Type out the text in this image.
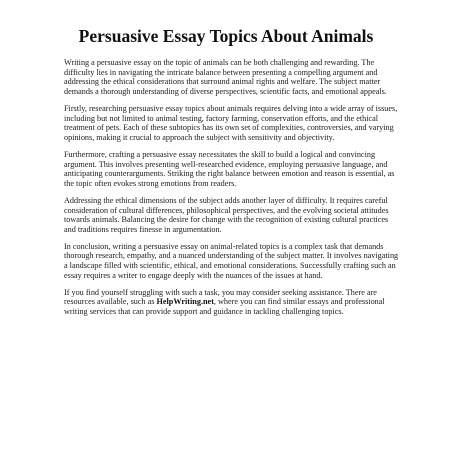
Persuasive Essay Topics About Animals

Writing a persuasive essay on the topic of animals can be both challenging and rewarding. The difficulty lies in navigating the intricate balance between presenting a compelling argument and addressing the ethical considerations that surround animal rights and welfare. The subject matter demands a thorough understanding of diverse perspectives, scientific facts, and emotional appeals.

Firstly, researching persuasive essay topics about animals requires delving into a wide array of issues, including but not limited to animal testing, factory farming, conservation efforts, and the ethical treatment of pets. Each of these subtopics has its own set of complexities, controversies, and varying opinions, making it crucial to approach the subject with sensitivity and objectivity.

Furthermore, crafting a persuasive essay necessitates the skill to build a logical and convincing argument. This involves presenting well-researched evidence, employing persuasive language, and anticipating counterarguments. Striking the right balance between emotion and reason is essential, as the topic often evokes strong emotions from readers.

Addressing the ethical dimensions of the subject adds another layer of difficulty. It requires careful consideration of cultural differences, philosophical perspectives, and the evolving societal attitudes towards animals. Balancing the desire for change with the recognition of existing cultural practices and traditions requires finesse in argumentation.

In conclusion, writing a persuasive essay on animal-related topics is a complex task that demands thorough research, empathy, and a nuanced understanding of the subject matter. It involves navigating a landscape filled with scientific, ethical, and emotional considerations. Successfully crafting such an essay requires a writer to engage deeply with the nuances of the issues at hand.

If you find yourself struggling with such a task, you may consider seeking assistance. There are resources available, such as HelpWriting.net, where you can find similar essays and professional writing services that can provide support and guidance in tackling challenging topics.
